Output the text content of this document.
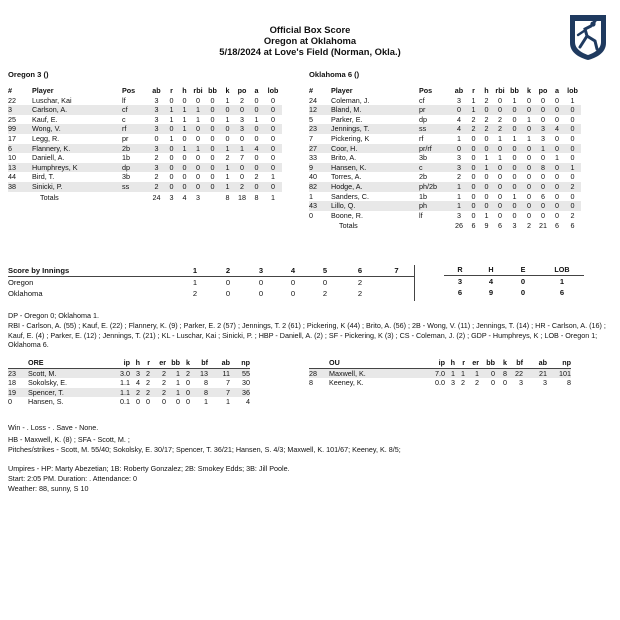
Official Box Score
Oregon at Oklahoma
5/18/2024 at Love's Field (Norman, Okla.)
Oregon 3 ()
#	Player	Pos	ab	r	h	rbi	bb	k	po	a	lob
22	Luschar, Kai	lf	3	0	0	0	0	1	2	0	0
3	Carlson, A.	cf	3	1	1	1	0	0	0	0	0
25	Kauf, E.	c	3	1	1	1	0	1	3	1	0
99	Wong, V.	rf	3	0	1	0	0	0	3	0	0
17	Legg, R.	pr	0	1	0	0	0	0	0	0	0
6	Flannery, K.	2b	3	0	1	1	0	1	1	4	0
10	Daniell, A.	1b	2	0	0	0	0	2	7	0	0
13	Humphreys, K	dp	3	0	0	0	0	1	0	0	0
44	Bird, T.	3b	2	0	0	0	0	1	0	2	1
38	Sinicki, P.	ss	2	0	0	0	0	1	2	0	0
	Totals		24	3	4	3		8	18	8	1
Oklahoma 6 ()
#	Player	Pos	ab	r	h	rbi	bb	k	po	a	lob
24	Coleman, J.	cf	3	1	2	0	1	0	0	0	1
12	Bland, M.	pr	0	1	0	0	0	0	0	0	0
5	Parker, E.	dp	4	2	2	2	0	1	0	0	0
23	Jennings, T.	ss	4	2	2	2	0	0	3	4	0
7	Pickering, K	rf	1	0	0	1	1	1	3	0	0
27	Coor, H.	pr/rf	0	0	0	0	0	0	1	0	0
33	Brito, A.	3b	3	0	1	1	0	0	0	1	0
9	Hansen, K.	c	3	0	1	0	0	0	8	0	1
40	Torres, A.	2b	2	0	0	0	0	0	0	0	0
82	Hodge, A.	ph/2b	1	0	0	0	0	0	0	0	2
1	Sanders, C.	1b	1	0	0	0	1	0	6	0	0
43	Lillo, Q.	ph	1	0	0	0	0	0	0	0	0
0	Boone, R.	lf	3	0	1	0	0	0	0	0	2
	Totals		26	6	9	6	3	2	21	6	6
Score by Innings	1	2	3	4	5	6	7
Oregon	1	0	0	0	0	2	
Oklahoma	2	0	0	0	2	2	
R	H	E	LOB
3	4	0	1
6	9	0	6
DP - Oregon 0; Oklahoma 1.
RBI - Carlson, A. (55) ; Kauf, E. (22) ; Flannery, K. (9) ; Parker, E. 2 (57) ; Jennings, T. 2 (61) ; Pickering, K (44) ; Brito, A. (56) ; 2B - Wong, V. (11) ; Jennings, T. (14) ; HR - Carlson, A. (16) ; Kauf, E. (4) ; Parker, E. (12) ; Jennings, T. (21) ; KL - Luschar, Kai ; Sinicki, P. ; HBP - Daniell, A. (2) ; SF - Pickering, K (3) ; CS - Coleman, J. (2) ; GDP - Humphreys, K ; LOB - Oregon 1; Oklahoma 6.
	ORE	ip	h	r	er	bb	k	bf	ab	np
23	Scott, M.	3.0	3	2	2	1	2	13	11	55
18	Sokolsky, E.	1.1	4	2	2	1	0	8	7	30
19	Spencer, T.	1.1	2	2	2	1	0	8	7	36
0	Hansen, S.	0.1	0	0	0	0	0	1	1	4
	OU	ip	h	r	er	bb	k	bf	ab	np
28	Maxwell, K.	7.0	1	1	1	0	8	22	21	101
8	Keeney, K.	0.0	3	2	2	0	0	3	3	8
Win - . Loss - . Save - None.
HB - Maxwell, K. (8) ; SFA - Scott, M. ;
Pitches/strikes - Scott, M. 55/40; Sokolsky, E. 30/17; Spencer, T. 36/21; Hansen, S. 4/3; Maxwell, K. 101/67; Keeney, K. 8/5;
Umpires - HP: Marty Abezetian; 1B: Roberty Gonzalez; 2B: Smokey Edds; 3B: Jill Poole.
Start: 2:05 PM. Duration: . Attendance: 0
Weather: 88, sunny, S 10
